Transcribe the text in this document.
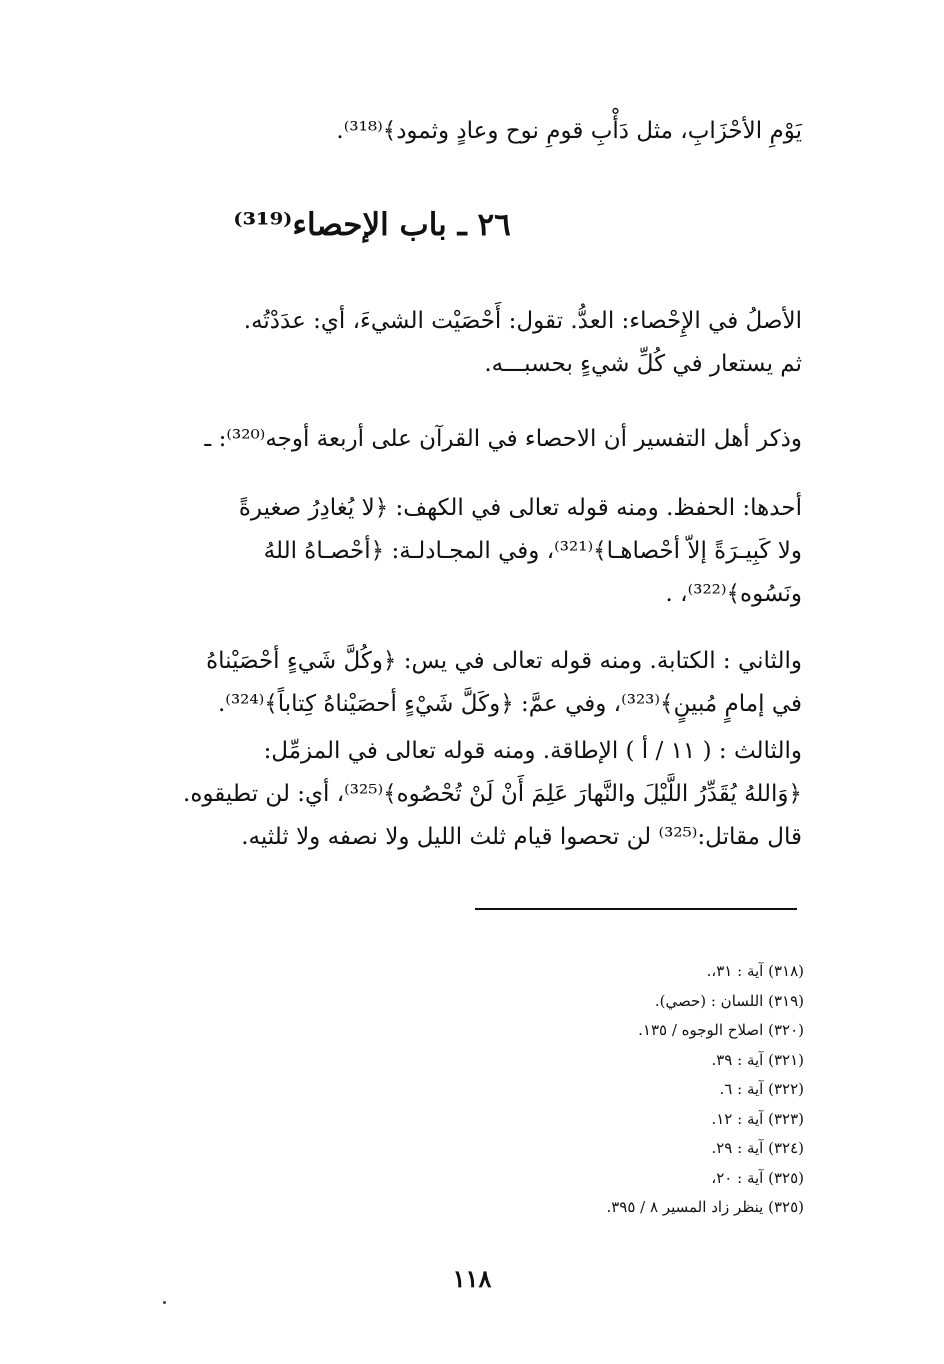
يَوْمِ الأحْزَابِ، مثل دَأْبِ قومِ نوح وعادٍ وثمود﴾⁽³¹⁸⁾.
٢٦ ـ باب الإحصاء⁽³¹⁹⁾
الأصلُ في الإِحْصاء: العدُّ. تقول: أَحْصَيْت الشيءَ، أي: عدَدْتُه.
ثم يستعار في كُلِّ شيءٍ بحسبـــه.
وذكر أهل التفسير أن الاحصاء في القرآن على أربعة أوجه⁽³²⁰⁾: ـ
أحدها: الحفظ. ومنه قوله تعالى في الكهف: ﴿لا يُغادِرُ صغيرةً
ولا كَبِيـرَةً إلاّ أحْصاهـا﴾⁽³²¹⁾، وفي المجـادلـة: ﴿أحْصـاهُ اللهُ
ونَسُوه﴾⁽³²²⁾، .
والثاني : الكتابة. ومنه قوله تعالى في يس: ﴿وكُلَّ شَيءٍ أحْصَيْناهُ
في إمامٍ مُبينٍ﴾⁽³²³⁾، وفي عمَّ: ﴿وكَلَّ شَيْءٍ أحصَيْناهُ كِتاباً﴾⁽³²⁴⁾.
والثالث : ( ١١ / أ ) الإطاقة. ومنه قوله تعالى في المزمِّل:
﴿وَاللهُ يُقَدِّرُ اللَّيْلَ والنَّهارَ عَلِمَ أَنْ لَنْ تُحْصُوه﴾⁽³²⁵⁾، أي: لن تطيقوه.
قال مقاتل:⁽³²⁵⁾ لن تحصوا قيام ثلث الليل ولا نصفه ولا ثلثيه.
(٣١٨) آية : ٣١،.
(٣١٩) اللسان : (حصي).
(٣٢٠) اصلاح الوجوه / ١٣٥.
(٣٢١) آية : ٣٩.
(٣٢٢) آية : ٦.
(٣٢٣) آية : ١٢.
(٣٢٤) آية : ٢٩.
(٣٢٥) آية : ٢٠،
(٣٢٥) ينظر زاد المسير ٨ / ٣٩٥.
١١٨
